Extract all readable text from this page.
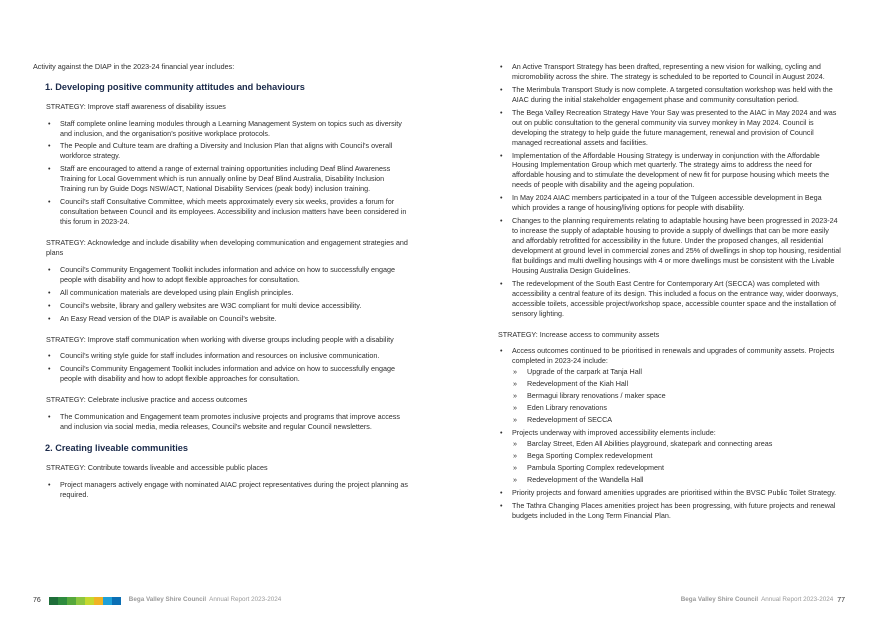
Activity against the DIAP in the 2023-24 financial year includes:

1. Developing positive community attitudes and behaviours

STRATEGY: Improve staff awareness of disability issues

• Staff complete online learning modules through a Learning Management System on topics such as diversity and inclusion, and the organisation’s positive workplace protocols.
• The People and Culture team are drafting a Diversity and Inclusion Plan that aligns with Council’s overall workforce strategy.
• Staff are encouraged to attend a range of external training opportunities including Deaf Blind Awareness Training for Local Government which is run annually online by Deaf Blind Australia, Disability Inclusion Training run by Guide Dogs NSW/ACT, National Disability Services (peak body) inclusion training.
• Council’s staff Consultative Committee, which meets approximately every six weeks, provides a forum for consultation between Council and its employees. Accessibility and inclusion matters have been considered in this forum in 2023-24.

STRATEGY: Acknowledge and include disability when developing communication and engagement strategies and plans

• Council’s Community Engagement Toolkit includes information and advice on how to successfully engage people with disability and how to adopt flexible approaches for consultation.
• All communication materials are developed using plain English principles.
• Council’s website, library and gallery websites are W3C compliant for multi device accessibility.
• An Easy Read version of the DIAP is available on Council’s website.

STRATEGY: Improve staff communication when working with diverse groups including people with a disability

• Council’s writing style guide for staff includes information and resources on inclusive communication.
• Council’s Community Engagement Toolkit includes information and advice on how to successfully engage people with disability and how to adopt flexible approaches for consultation.

STRATEGY: Celebrate inclusive practice and access outcomes

• The Communication and Engagement team promotes inclusive projects and programs that improve access and inclusion via social media, media releases, Council’s website and regular Council newsletters.
2. Creating liveable communities

STRATEGY: Contribute towards liveable and accessible public places

• Project managers actively engage with nominated AIAC project representatives during the project planning as required.
76	Bega Valley Shire Council Annual Report 2023-2024
• An Active Transport Strategy has been drafted, representing a new vision for walking, cycling and micromobility across the shire. The strategy is scheduled to be reported to Council in August 2024.
• The Merimbula Transport Study is now complete. A targeted consultation workshop was held with the AIAC during the initial stakeholder engagement phase and community consultation period.
• The Bega Valley Recreation Strategy Have Your Say was presented to the AIAC in May 2024 and was out on public consultation to the general community via survey monkey in May 2024. Council is developing the strategy to help guide the future management, renewal and provision of Council managed recreational assets and facilities.
• Implementation of the Affordable Housing Strategy is underway in conjunction with the Affordable Housing Implementation Group which met quarterly. The strategy aims to address the need for affordable housing and to stimulate the development of new fit for purpose housing which meets the needs of people with disability and the ageing population.
• In May 2024 AIAC members participated in a tour of the Tulgeen accessible development in Bega which provides a range of housing/living options for people with disability.
• Changes to the planning requirements relating to adaptable housing have been progressed in 2023-24 to increase the supply of adaptable housing to provide a supply of dwellings that can be more easily and affordably retrofitted for accessibility in the future. Under the proposed changes, all residential development at ground level in commercial zones and 25% of dwellings in shop top housing, residential flat buildings and multi dwelling housings with 4 or more dwellings must be consistent with the Livable Housing Australia Design Guidelines.
• The redevelopment of the South East Centre for Contemporary Art (SECCA) was completed with accessibility a central feature of its design. This included a focus on the entrance way, wider doorways, accessible toilets, accessible project/workshop space, accessible counter space and the installation of sensory lighting.

STRATEGY: Increase access to community assets

• Access outcomes continued to be prioritised in renewals and upgrades of community assets. Projects completed in 2023-24 include:
» Upgrade of the carpark at Tanja Hall
» Redevelopment of the Kiah Hall
» Bermagui library renovations / maker space
» Eden Library renovations
» Redevelopment of SECCA
• Projects underway with improved accessibility elements include:
» Barclay Street, Eden All Abilities playground, skatepark and connecting areas
» Bega Sporting Complex redevelopment
» Pambula Sporting Complex redevelopment
» Redevelopment of the Wandella Hall
• Priority projects and forward amenities upgrades are prioritised within the BVSC Public Toilet Strategy.
• The Tathra Changing Places amenities project has been progressing, with future projects and renewal budgets included in the Long Term Financial Plan.
Bega Valley Shire Council Annual Report 2023-2024 77
